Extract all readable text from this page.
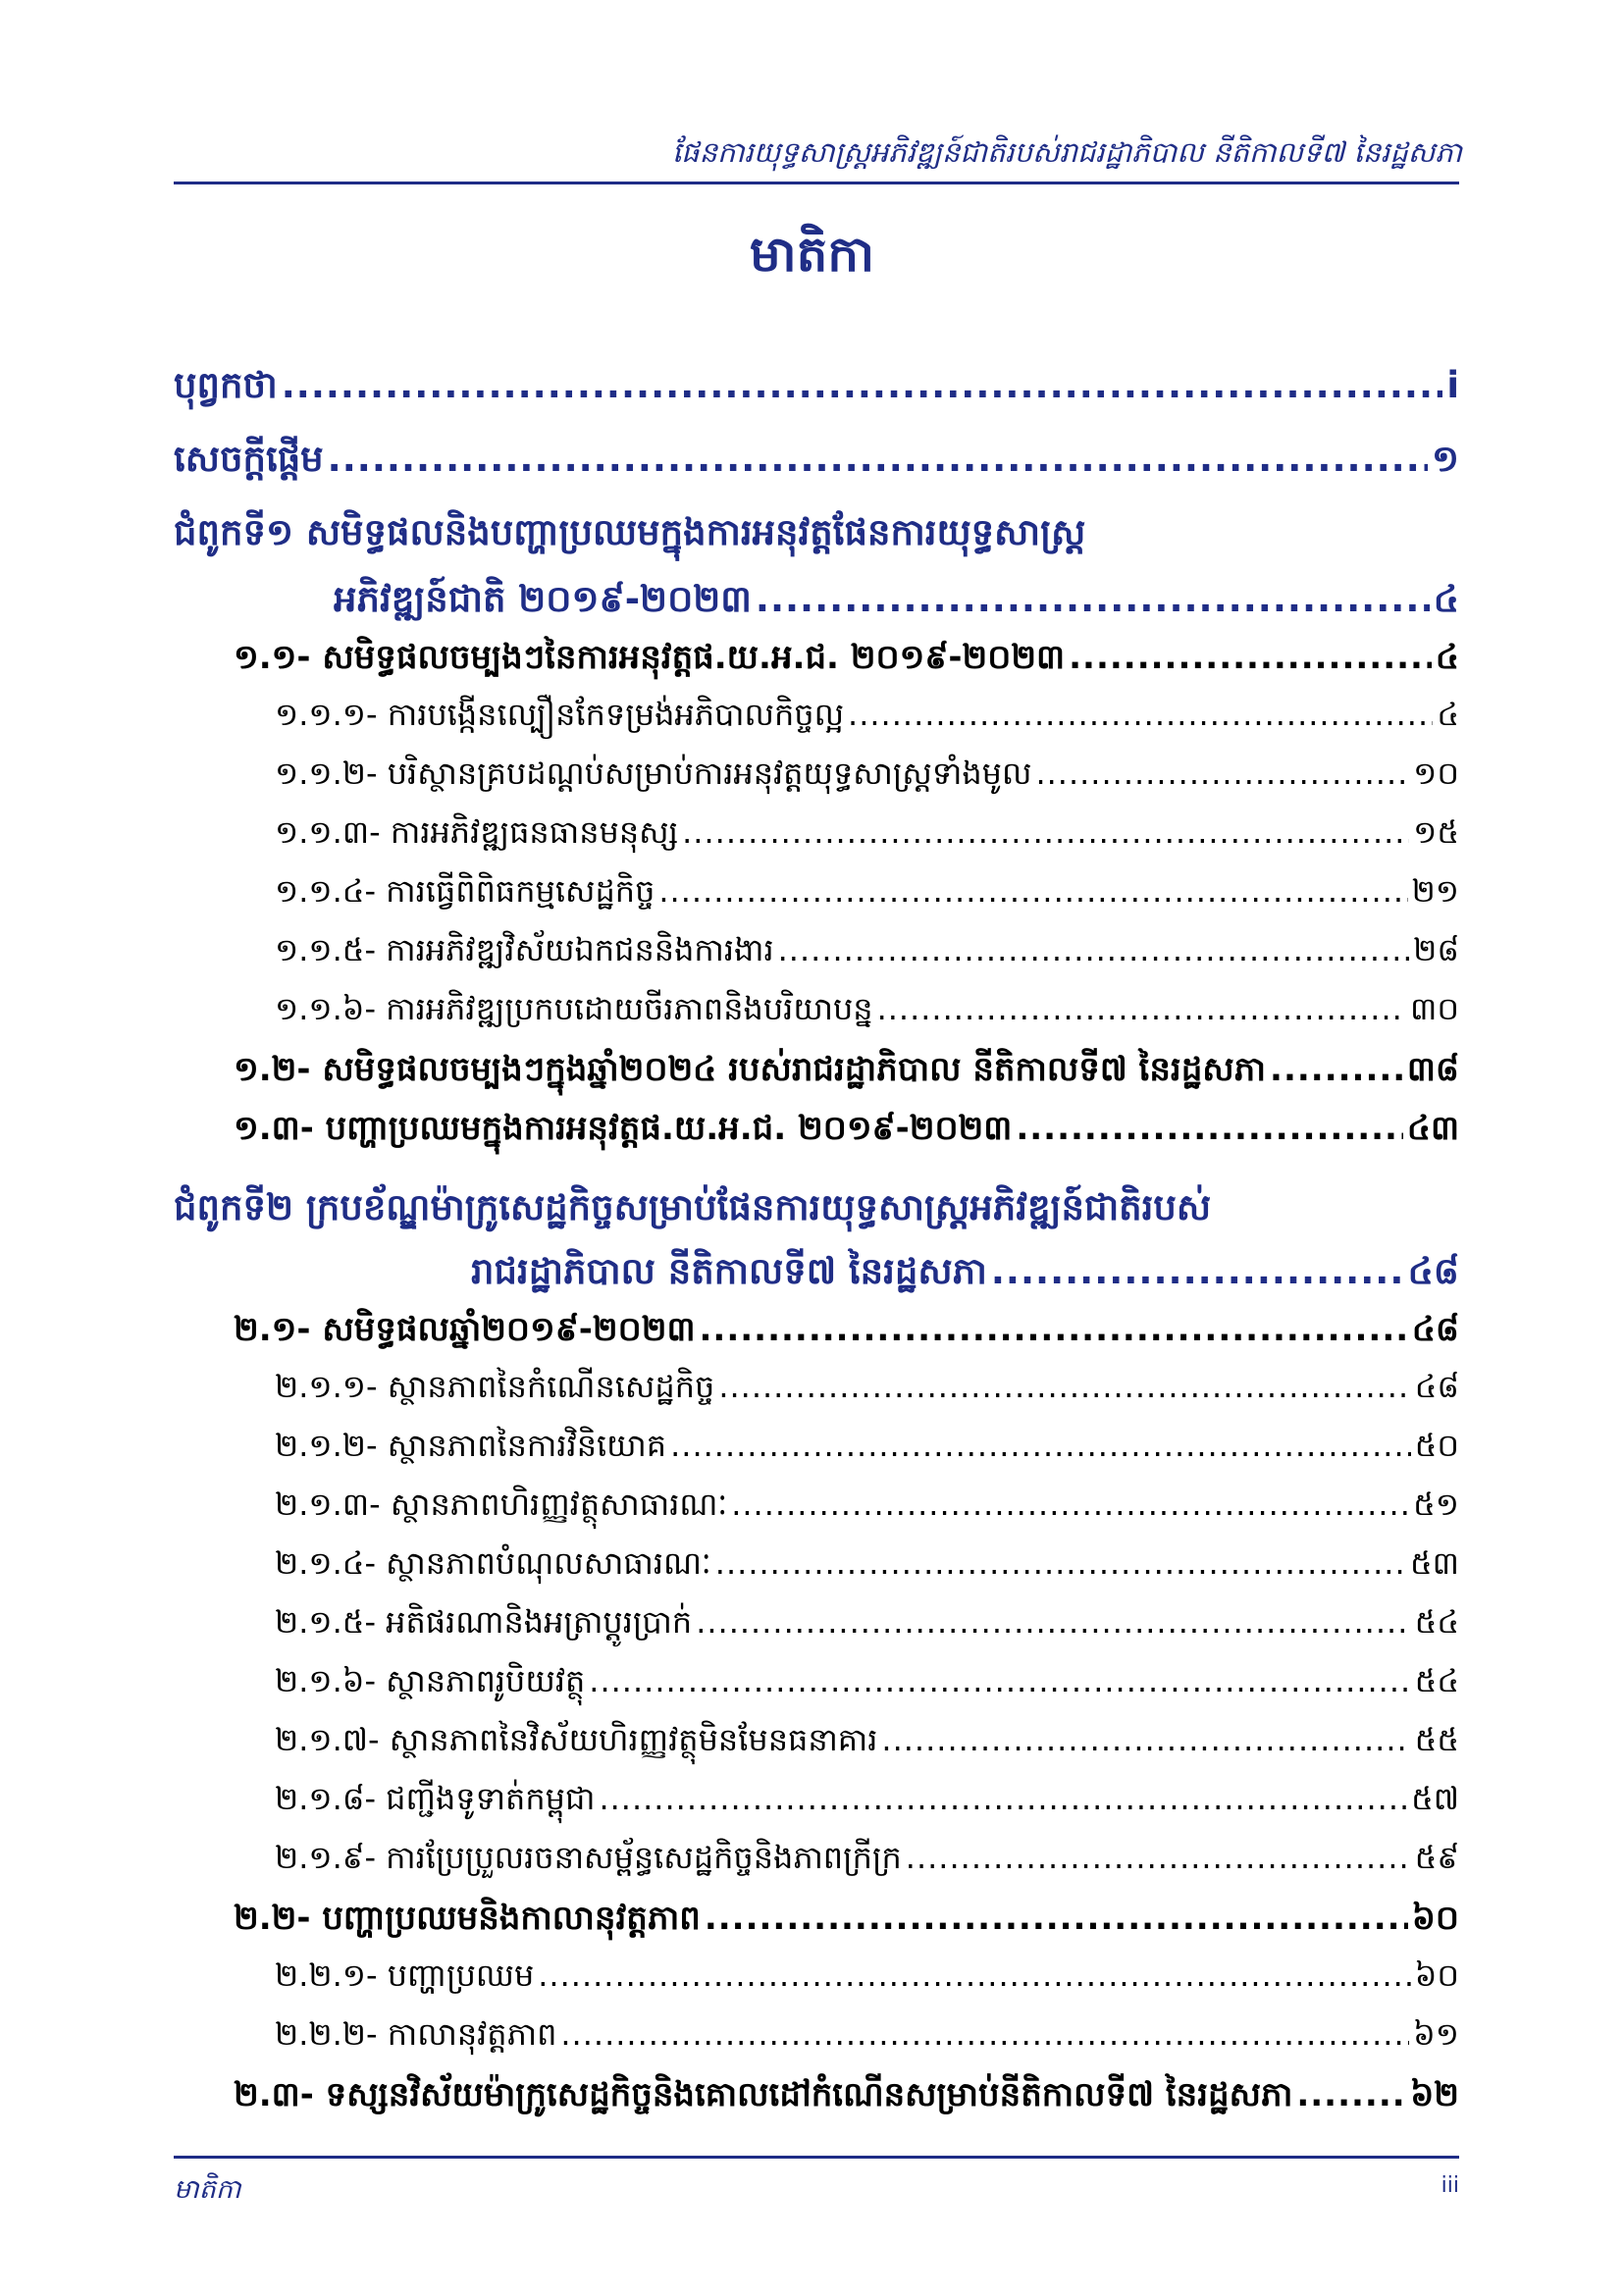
ផែនការយុទ្ធសាស្ត្រអភិវឌ្ឍន៍ជាតិរបស់រាជរដ្ឋាភិបាល នីតិកាលទី៧ នៃរដ្ឋសភា
មាតិកា
បុព្វកថា .....	i
សេចក្តីផ្តើម .....	១
ជំពូកទី១ សមិទ្ធផលនិងបញ្ហាប្រឈមក្នុងការអនុវត្តផែនការយុទ្ធសាស្ត្រ
អភិវឌ្ឍន៍ជាតិ ២០១៩-២០២៣ .....	៤
១.១- សមិទ្ធផលចម្បងៗនៃការអនុវត្តផ.យ.អ.ជ. ២០១៩-២០២៣ .....	៤
១.១.១- ការបង្កើនល្បឿនកែទម្រង់អភិបាលកិច្ចល្អ .....	៤
១.១.២- បរិស្ថានគ្របដណ្តប់សម្រាប់ការអនុវត្តយុទ្ធសាស្ត្រទាំងមូល .....	១០
១.១.៣- ការអភិវឌ្ឍធនធានមនុស្ស .....	១៥
១.១.៤- ការធ្វើពិពិធកម្មសេដ្ឋកិច្ច .....	២១
១.១.៥- ការអភិវឌ្ឍវិស័យឯកជននិងការងារ .....	២៨
១.១.៦- ការអភិវឌ្ឍប្រកបដោយចីរភាពនិងបរិយាបន្ន .....	៣០
១.២- សមិទ្ធផលចម្បងៗក្នុងឆ្នាំ២០២៤ របស់រាជរដ្ឋាភិបាល នីតិកាលទី៧ នៃរដ្ឋសភា .....	៣៨
១.៣- បញ្ហាប្រឈមក្នុងការអនុវត្តផ.យ.អ.ជ. ២០១៩-២០២៣ .....	៤៣
ជំពូកទី២ ក្របខ័ណ្ឌម៉ាក្រូសេដ្ឋកិច្ចសម្រាប់ផែនការយុទ្ធសាស្ត្រអភិវឌ្ឍន៍ជាតិរបស់
រាជរដ្ឋាភិបាល នីតិកាលទី៧ នៃរដ្ឋសភា .....	៤៨
២.១- សមិទ្ធផលឆ្នាំ២០១៩-២០២៣ .....	៤៨
២.១.១- ស្ថានភាពនៃកំណើនសេដ្ឋកិច្ច .....	៤៨
២.១.២- ស្ថានភាពនៃការវិនិយោគ .....	៥០
២.១.៣- ស្ថានភាពហិរញ្ញវត្ថុសាធារណៈ .....	៥១
២.១.៤- ស្ថានភាពបំណុលសាធារណៈ .....	៥៣
២.១.៥- អតិផរណានិងអត្រាប្តូរប្រាក់ .....	៥៤
២.១.៦- ស្ថានភាពរូបិយវត្ថុ .....	៥៤
២.១.៧- ស្ថានភាពនៃវិស័យហិរញ្ញវត្ថុមិនមែនធនាគារ .....	៥៥
២.១.៨- ជញ្ជីងទូទាត់កម្ពុជា .....	៥៧
២.១.៩- ការប្រែប្រួលរចនាសម្ព័ន្ធសេដ្ឋកិច្ចនិងភាពក្រីក្រ .....	៥៩
២.២- បញ្ហាប្រឈមនិងកាលានុវត្តភាព .....	៦០
២.២.១- បញ្ហាប្រឈម .....	៦០
២.២.២- កាលានុវត្តភាព .....	៦១
២.៣- ទស្សនវិស័យម៉ាក្រូសេដ្ឋកិច្ចនិងគោលដៅកំណើនសម្រាប់នីតិកាលទី៧ នៃរដ្ឋសភា .....	៦២
មាតិកា	iii
